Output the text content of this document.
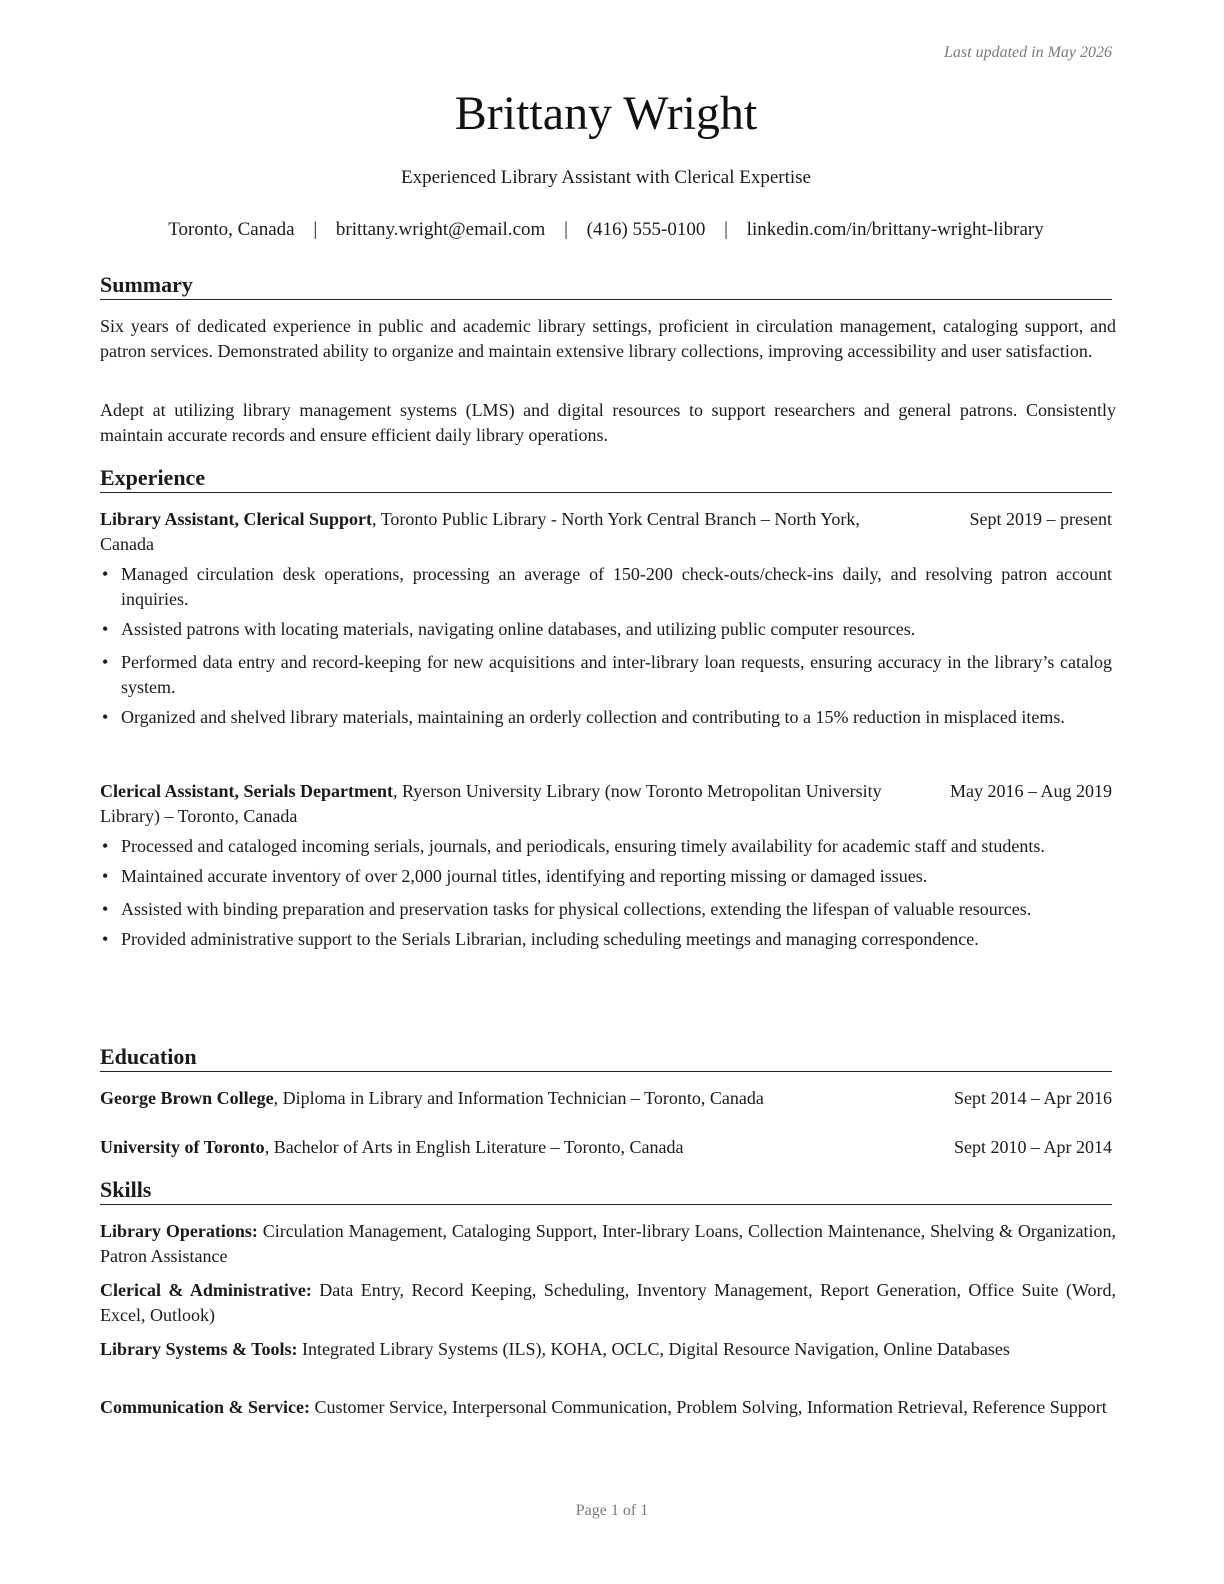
Last updated in May 2026
Brittany Wright
Experienced Library Assistant with Clerical Expertise
Toronto, Canada | brittany.wright@email.com | (416) 555-0100 | linkedin.com/in/brittany-wright-library
Summary
Six years of dedicated experience in public and academic library settings, proficient in circulation management, cataloging support, and patron services. Demonstrated ability to organize and maintain extensive library collections, improving accessibility and user satisfaction.
Adept at utilizing library management systems (LMS) and digital resources to support researchers and general patrons. Consistently maintain accurate records and ensure efficient daily library operations.
Experience
Library Assistant, Clerical Support, Toronto Public Library - North York Central Branch – North York, Canada
Sept 2019 – present
• Managed circulation desk operations, processing an average of 150-200 check-outs/check-ins daily, and resolving patron account inquiries.
• Assisted patrons with locating materials, navigating online databases, and utilizing public computer resources.
• Performed data entry and record-keeping for new acquisitions and inter-library loan requests, ensuring accuracy in the library’s catalog system.
• Organized and shelved library materials, maintaining an orderly collection and contributing to a 15% reduction in misplaced items.
Clerical Assistant, Serials Department, Ryerson University Library (now Toronto Metropolitan University Library) – Toronto, Canada
May 2016 – Aug 2019
• Processed and cataloged incoming serials, journals, and periodicals, ensuring timely availability for academic staff and students.
• Maintained accurate inventory of over 2,000 journal titles, identifying and reporting missing or damaged issues.
• Assisted with binding preparation and preservation tasks for physical collections, extending the lifespan of valuable resources.
• Provided administrative support to the Serials Librarian, including scheduling meetings and managing correspondence.
Education
George Brown College, Diploma in Library and Information Technician – Toronto, Canada	Sept 2014 – Apr 2016
University of Toronto, Bachelor of Arts in English Literature – Toronto, Canada	Sept 2010 – Apr 2014
Skills
Library Operations: Circulation Management, Cataloging Support, Inter-library Loans, Collection Maintenance, Shelving & Organization, Patron Assistance
Clerical & Administrative: Data Entry, Record Keeping, Scheduling, Inventory Management, Report Generation, Office Suite (Word, Excel, Outlook)
Library Systems & Tools: Integrated Library Systems (ILS), KOHA, OCLC, Digital Resource Navigation, Online Databases
Communication & Service: Customer Service, Interpersonal Communication, Problem Solving, Information Retrieval, Reference Support
Page 1 of 1
